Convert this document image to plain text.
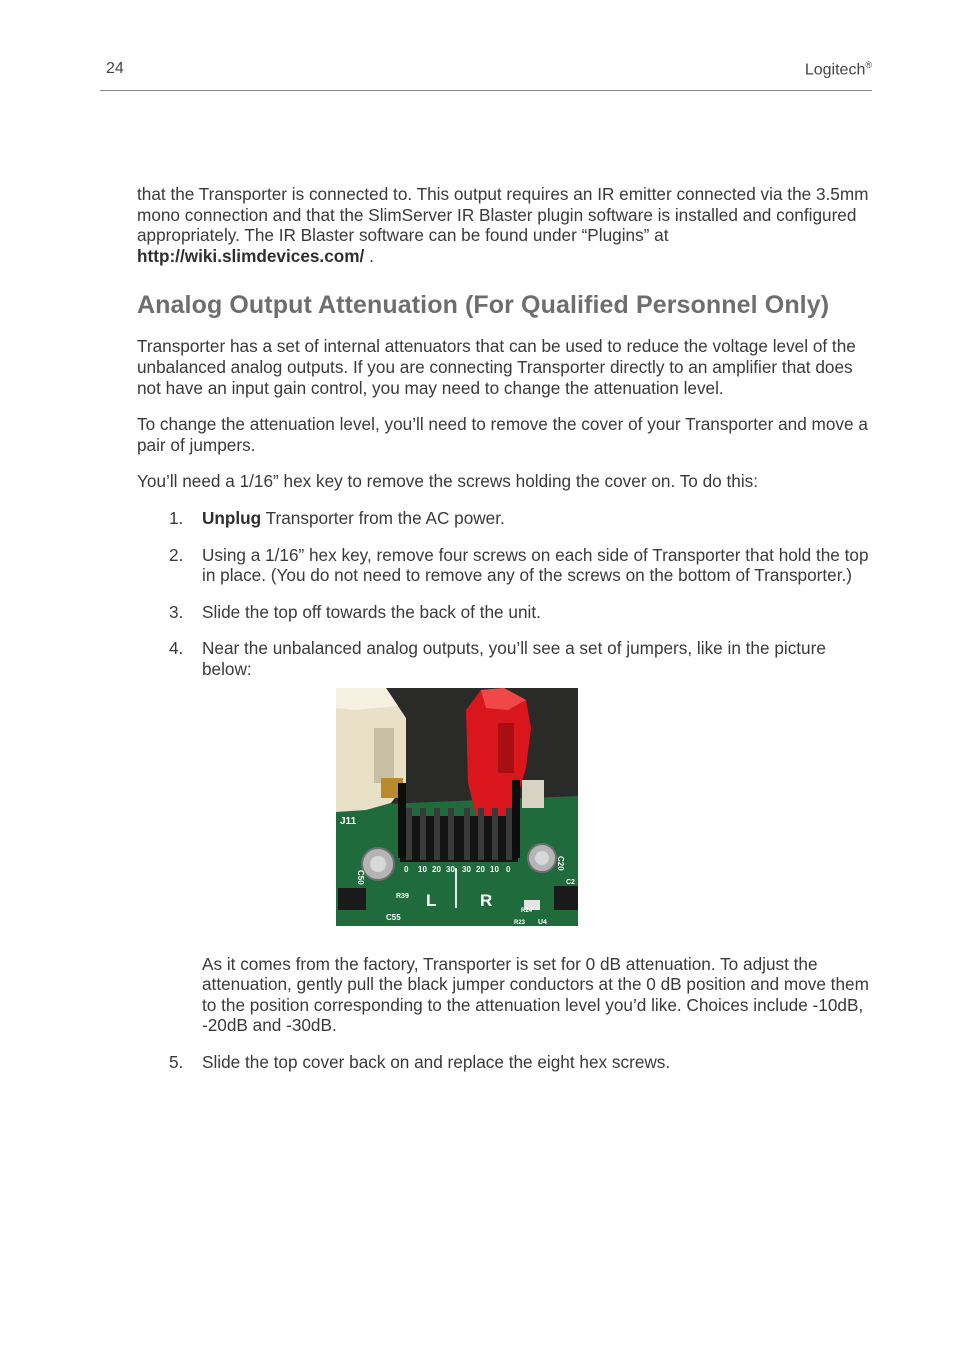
24	Logitech®

that the Transporter is connected to. This output requires an IR emitter connected via the 3.5mm mono connection and that the SlimServer IR Blaster plugin software is installed and configured appropriately. The IR Blaster software can be found under “Plugins” at
http://wiki.slimdevices.com/ .

Analog Output Attenuation (For Qualified Personnel Only)

Transporter has a set of internal attenuators that can be used to reduce the voltage level of the unbalanced analog outputs. If you are connecting Transporter directly to an amplifier that does not have an input gain control, you may need to change the attenuation level.

To change the attenuation level, you’ll need to remove the cover of your Transporter and move a pair of jumpers.

You’ll need a 1/16” hex key to remove the screws holding the cover on. To do this:

1. Unplug Transporter from the AC power.

2. Using a 1/16” hex key, remove four screws on each side of Transporter that hold the top in place. (You do not need to remove any of the screws on the bottom of Transporter.)

3. Slide the top off towards the back of the unit.

4. Near the unbalanced analog outputs, you’ll see a set of jumpers, like in the picture below:

J11
C50
C55
R39
C20
C2
U4
R24
R23
0 10 20 30 30 20 10 0
L	R

As it comes from the factory, Transporter is set for 0 dB attenuation. To adjust the attenuation, gently pull the black jumper conductors at the 0 dB position and move them to the position corresponding to the attenuation level you’d like. Choices include -10dB, -20dB and -30dB.

5. Slide the top cover back on and replace the eight hex screws.
